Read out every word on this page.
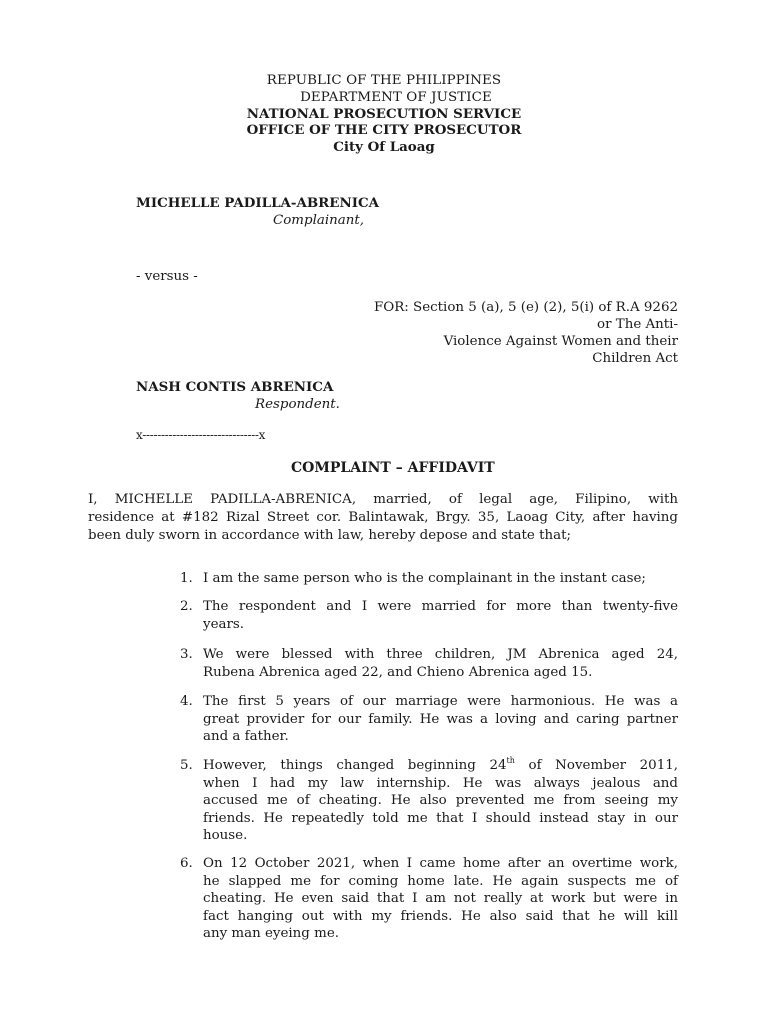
REPUBLIC OF THE PHILIPPINES
DEPARTMENT OF JUSTICE
NATIONAL PROSECUTION SERVICE
OFFICE OF THE CITY PROSECUTOR
City Of Laoag
MICHELLE PADILLA-ABRENICA
Complainant,
- versus -
FOR: Section 5 (a), 5 (e) (2), 5(i) of R.A 9262
or The Anti-
Violence Against Women and their
Children Act
NASH CONTIS ABRENICA
Respondent.
x-------------------------------x
COMPLAINT – AFFIDAVIT
I, MICHELLE PADILLA-ABRENICA, married, of legal age, Filipino, with
residence at #182 Rizal Street cor. Balintawak, Brgy. 35, Laoag City, after having
been duly sworn in accordance with law, hereby depose and state that;
1. I am the same person who is the complainant in the instant case;
2. The respondent and I were married for more than twenty-five
years.
3. We were blessed with three children, JM Abrenica aged 24,
Rubena Abrenica aged 22, and Chieno Abrenica aged 15.
4. The first 5 years of our marriage were harmonious. He was a
great provider for our family. He was a loving and caring partner
and a father.
5. However, things changed beginning 24th of November 2011,
when I had my law internship. He was always jealous and
accused me of cheating. He also prevented me from seeing my
friends. He repeatedly told me that I should instead stay in our
house.
6. On 12 October 2021, when I came home after an overtime work,
he slapped me for coming home late. He again suspects me of
cheating. He even said that I am not really at work but were in
fact hanging out with my friends. He also said that he will kill
any man eyeing me.
